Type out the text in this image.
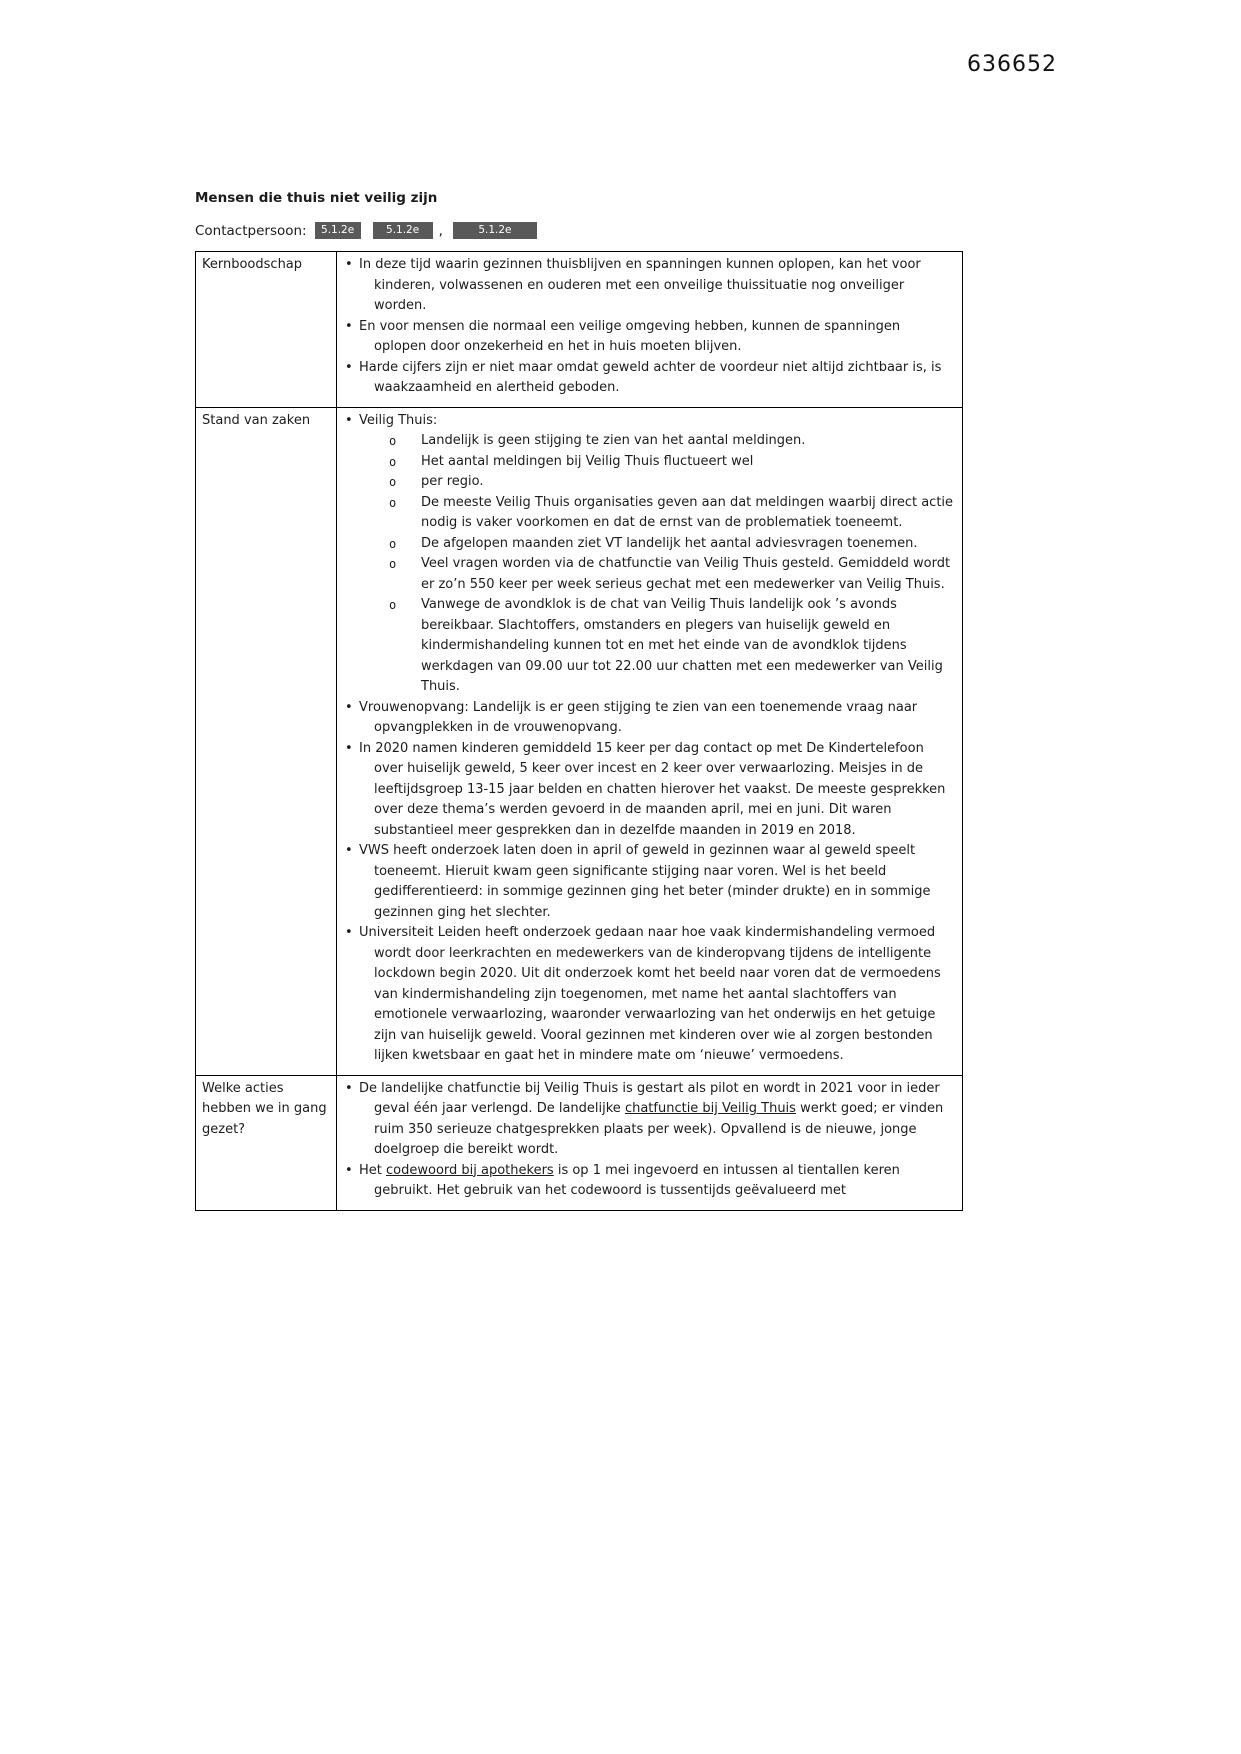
636652
Mensen die thuis niet veilig zijn
Contactpersoon:	5.1.2e	5.1.2e	,	5.1.2e
Kernboodschap	• In deze tijd waarin gezinnen thuisblijven en spanningen kunnen oplopen, kan het voor kinderen, volwassenen en ouderen met een onveilige thuissituatie nog onveiliger worden.
• En voor mensen die normaal een veilige omgeving hebben, kunnen de spanningen oplopen door onzekerheid en het in huis moeten blijven.
• Harde cijfers zijn er niet maar omdat geweld achter de voordeur niet altijd zichtbaar is, is waakzaamheid en alertheid geboden.

Stand van zaken	• Veilig Thuis:
o	Landelijk is geen stijging te zien van het aantal meldingen.
o	Het aantal meldingen bij Veilig Thuis fluctueert wel
o	per regio.
o	De meeste Veilig Thuis organisaties geven aan dat meldingen waarbij direct actie nodig is vaker voorkomen en dat de ernst van de problematiek toeneemt.
o	De afgelopen maanden ziet VT landelijk het aantal adviesvragen toenemen.
o	Veel vragen worden via de chatfunctie van Veilig Thuis gesteld. Gemiddeld wordt er zo’n 550 keer per week serieus gechat met een medewerker van Veilig Thuis.
o	Vanwege de avondklok is de chat van Veilig Thuis landelijk ook ’s avonds bereikbaar. Slachtoffers, omstanders en plegers van huiselijk geweld en kindermishandeling kunnen tot en met het einde van de avondklok tijdens werkdagen van 09.00 uur tot 22.00 uur chatten met een medewerker van Veilig Thuis.
• Vrouwenopvang: Landelijk is er geen stijging te zien van een toenemende vraag naar opvangplekken in de vrouwenopvang.
• In 2020 namen kinderen gemiddeld 15 keer per dag contact op met De Kindertelefoon over huiselijk geweld, 5 keer over incest en 2 keer over verwaarlozing. Meisjes in de leeftijdsgroep 13-15 jaar belden en chatten hierover het vaakst. De meeste gesprekken over deze thema’s werden gevoerd in de maanden april, mei en juni. Dit waren substantieel meer gesprekken dan in dezelfde maanden in 2019 en 2018.
• VWS heeft onderzoek laten doen in april of geweld in gezinnen waar al geweld speelt toeneemt. Hieruit kwam geen significante stijging naar voren. Wel is het beeld gedifferentieerd: in sommige gezinnen ging het beter (minder drukte) en in sommige gezinnen ging het slechter.
• Universiteit Leiden heeft onderzoek gedaan naar hoe vaak kindermishandeling vermoed wordt door leerkrachten en medewerkers van de kinderopvang tijdens de intelligente lockdown begin 2020. Uit dit onderzoek komt het beeld naar voren dat de vermoedens van kindermishandeling zijn toegenomen, met name het aantal slachtoffers van emotionele verwaarlozing, waaronder verwaarlozing van het onderwijs en het getuige zijn van huiselijk geweld. Vooral gezinnen met kinderen over wie al zorgen bestonden lijken kwetsbaar en gaat het in mindere mate om ‘nieuwe’ vermoedens.

Welke acties hebben we in gang gezet?	• De landelijke chatfunctie bij Veilig Thuis is gestart als pilot en wordt in 2021 voor in ieder geval één jaar verlengd. De landelijke chatfunctie bij Veilig Thuis werkt goed; er vinden ruim 350 serieuze chatgesprekken plaats per week). Opvallend is de nieuwe, jonge doelgroep die bereikt wordt.
• Het codewoord bij apothekers is op 1 mei ingevoerd en intussen al tientallen keren gebruikt. Het gebruik van het codewoord is tussentijds geëvalueerd met
